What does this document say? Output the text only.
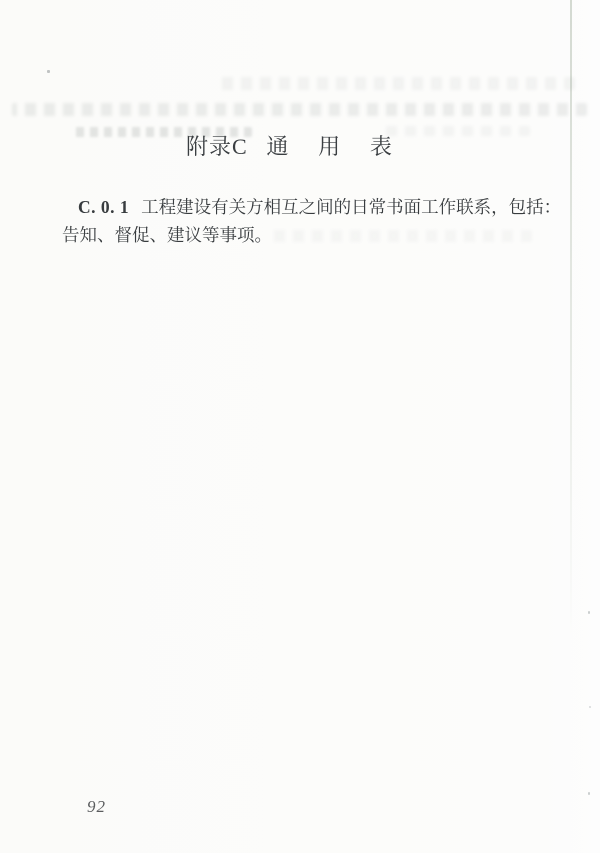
附录C 通 用 表
C. 0. 1 工程建设有关方相互之间的日常书面工作联系，包括：
告知、督促、建议等事项。
92
